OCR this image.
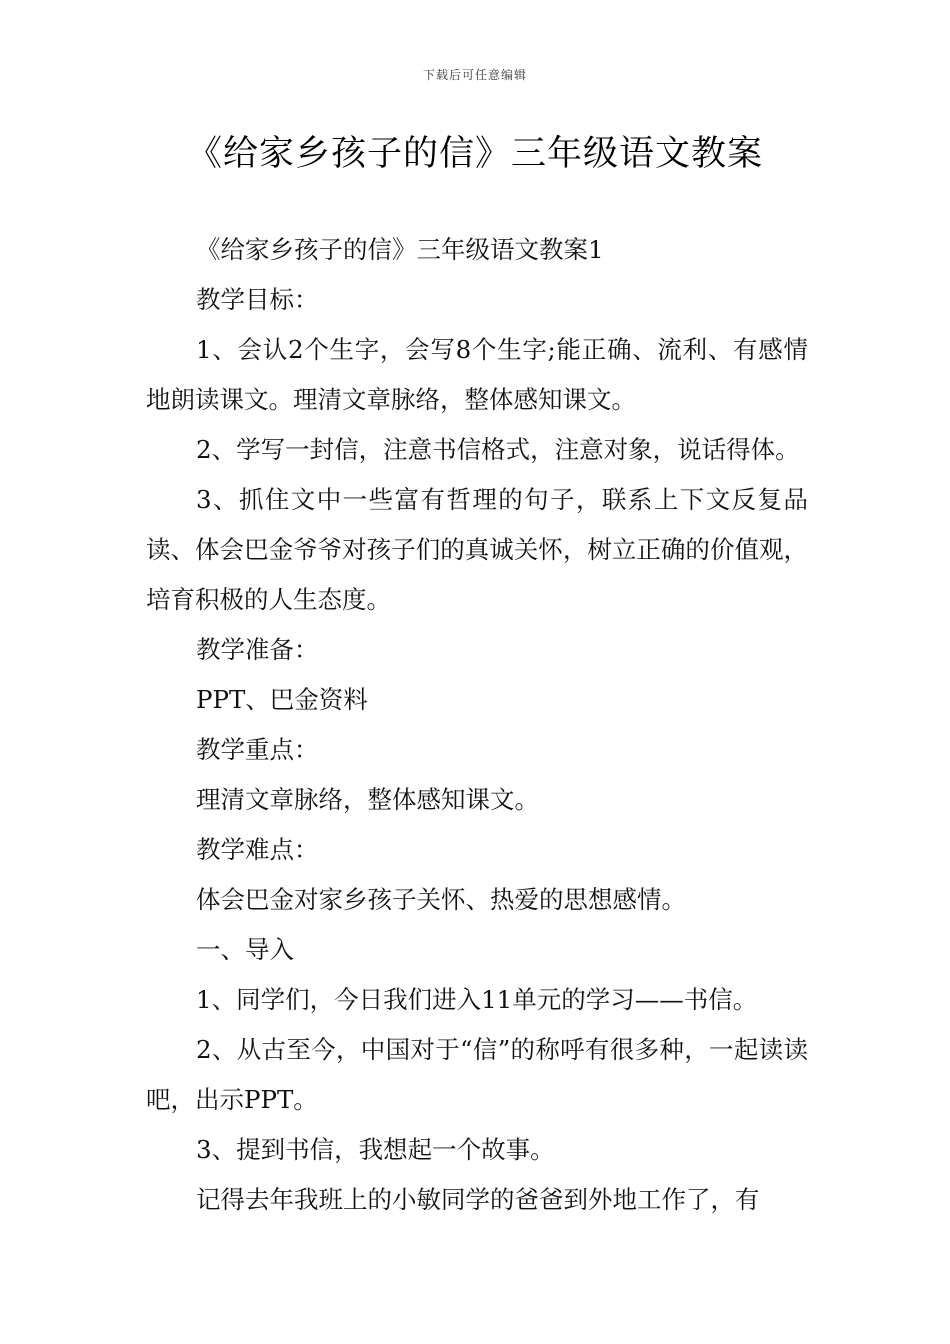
下载后可任意编辑
《给家乡孩子的信》三年级语文教案

《给家乡孩子的信》三年级语文教案1

教学目标：

1、会认2个生字，会写8个生字;能正确、流利、有感情地朗读课文。理清文章脉络，整体感知课文。

2、学写一封信，注意书信格式，注意对象，说话得体。

3、抓住文中一些富有哲理的句子，联系上下文反复品读、体会巴金爷爷对孩子们的真诚关怀，树立正确的价值观，培育积极的人生态度。

教学准备：

PPT、巴金资料

教学重点：

理清文章脉络，整体感知课文。

教学难点：

体会巴金对家乡孩子关怀、热爱的思想感情。

一、导入

1、同学们，今日我们进入11单元的学习——书信。

2、从古至今，中国对于“信”的称呼有很多种，一起读读吧，出示PPT。

3、提到书信，我想起一个故事。

记得去年我班上的小敏同学的爸爸到外地工作了，有
